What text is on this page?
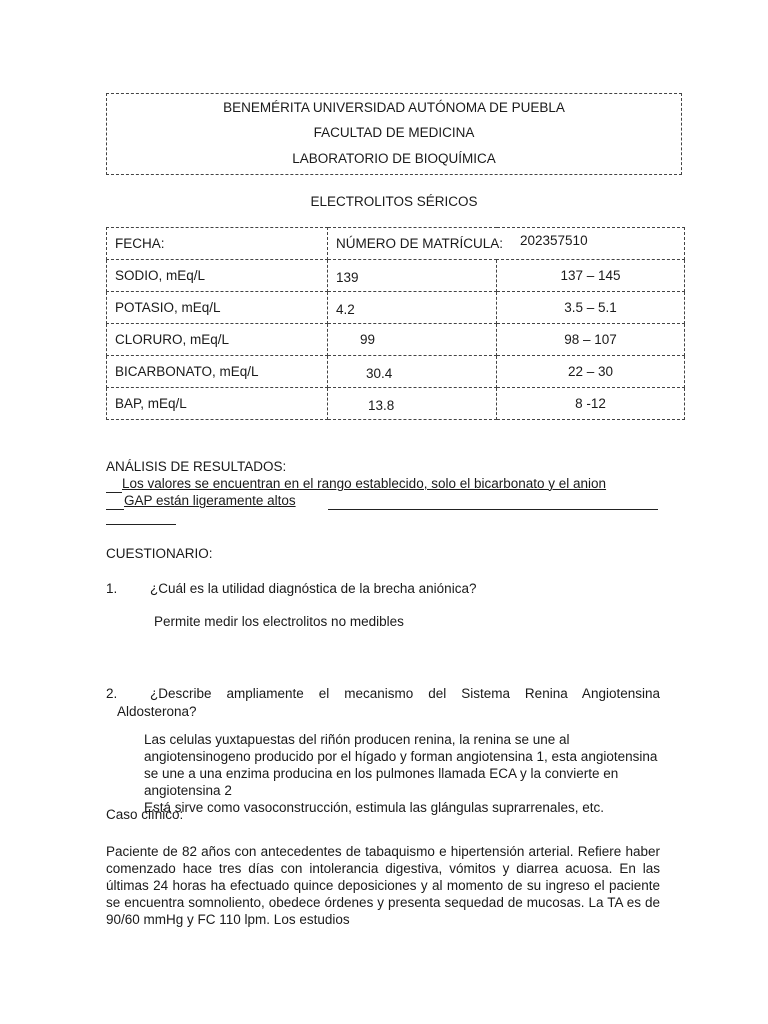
BENEMÉRITA UNIVERSIDAD AUTÓNOMA DE PUEBLA
FACULTAD DE MEDICINA
LABORATORIO DE BIOQUÍMICA
ELECTROLITOS SÉRICOS
FECHA:	NÚMERO DE MATRÍCULA: 202357510	

SODIO, mEq/L	139	137 – 145
POTASIO, mEq/L	4.2	3.5 – 5.1
CLORURO, mEq/L	99	98 – 107
BICARBONATO, mEq/L	30.4	22 – 30
BAP, mEq/L	13.8	8 -12
ANÁLISIS DE RESULTADOS:
Los valores se encuentran en el rango establecido, solo el bicarbonato y el anion
GAP están ligeramente altos
CUESTIONARIO:
1. ¿Cuál es la utilidad diagnóstica de la brecha aniónica?
Permite medir los electrolitos no medibles
2. ¿Describe ampliamente el mecanismo del Sistema Renina Angiotensina
Aldosterona?
Las celulas yuxtapuestas del riñón producen renina, la renina se une al
angiotensinogeno producido por el hígado y forman angiotensina 1, esta angiotensina
se une a una enzima producina en los pulmones llamada ECA y la convierte en
angiotensina 2
Está sirve como vasoconstrucción, estimula las glángulas suprarrenales, etc.
Caso clínico:
Paciente de 82 años con antecedentes de tabaquismo e hipertensión arterial. Refiere haber comenzado hace tres días con intolerancia digestiva, vómitos y diarrea acuosa. En las últimas 24 horas ha efectuado quince deposiciones y al momento de su ingreso el paciente se encuentra somnoliento, obedece órdenes y presenta sequedad de mucosas. La TA es de 90/60 mmHg y FC 110 lpm. Los estudios
